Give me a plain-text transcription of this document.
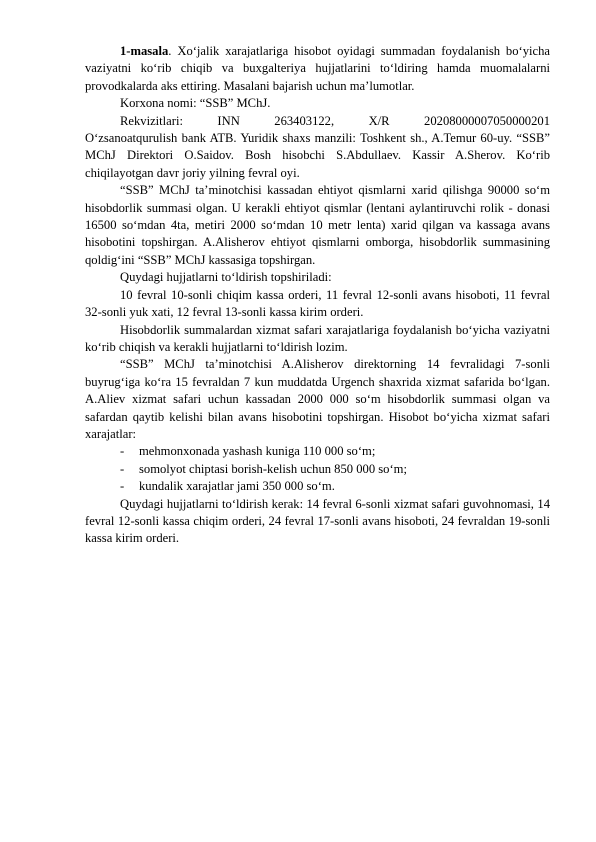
1-masala. Xo‘jalik xarajatlariga hisobot oyidagi summadan foydalanish bo‘yicha vaziyatni ko‘rib chiqib va buxgalteriya hujjatlarini to‘ldiring hamda muomalalarni provodkalarda aks ettiring. Masalani bajarish uchun ma’lumotlar.

Korxona nomi: “SSB” MChJ.

Rekvizitlari:	INN	263403122,	X/R	20208000007050000201

O‘zsanoatqurulish bank ATB. Yuridik shaxs manzili: Toshkent sh., A.Temur 60-uy. “SSB” MChJ Direktori O.Saidov. Bosh hisobchi S.Abdullaev. Kassir A.Sherov. Ko‘rib chiqilayotgan davr joriy yilning fevral oyi.

“SSB” MChJ ta’minotchisi kassadan ehtiyot qismlarni xarid qilishga 90000 so‘m hisobdorlik summasi olgan. U kerakli ehtiyot qismlar (lentani aylantiruvchi rolik - donasi 16500 so‘mdan 4ta, metiri 2000 so‘mdan 10 metr lenta) xarid qilgan va kassaga avans hisobotini topshirgan. A.Alisherov ehtiyot qismlarni omborga, hisobdorlik summasining qoldig‘ini “SSB” MChJ kassasiga topshirgan.

Quydagi hujjatlarni to‘ldirish topshiriladi:

10 fevral 10-sonli chiqim kassa orderi, 11 fevral 12-sonli avans hisoboti, 11 fevral 32-sonli yuk xati, 12 fevral 13-sonli kassa kirim orderi.

Hisobdorlik summalardan xizmat safari xarajatlariga foydalanish bo‘yicha vaziyatni ko‘rib chiqish va kerakli hujjatlarni to‘ldirish lozim.

“SSB” MChJ ta’minotchisi A.Alisherov direktorning 14 fevralidagi 7-sonli buyrug‘iga ko‘ra 15 fevraldan 7 kun muddatda Urgench shaxrida xizmat safarida bo‘lgan. A.Aliev xizmat safari uchun kassadan 2000 000 so‘m hisobdorlik summasi olgan va safardan qaytib kelishi bilan avans hisobotini topshirgan. Hisobot bo‘yicha xizmat safari xarajatlar:

- mehmonxonada yashash kuniga 110 000 so‘m;
- somolyot chiptasi borish-kelish uchun 850 000 so‘m;
- kundalik xarajatlar jami 350 000 so‘m.

Quydagi hujjatlarni to‘ldirish kerak: 14 fevral 6-sonli xizmat safari guvohnomasi, 14 fevral 12-sonli kassa chiqim orderi, 24 fevral 17-sonli avans hisoboti, 24 fevraldan 19-sonli kassa kirim orderi.
